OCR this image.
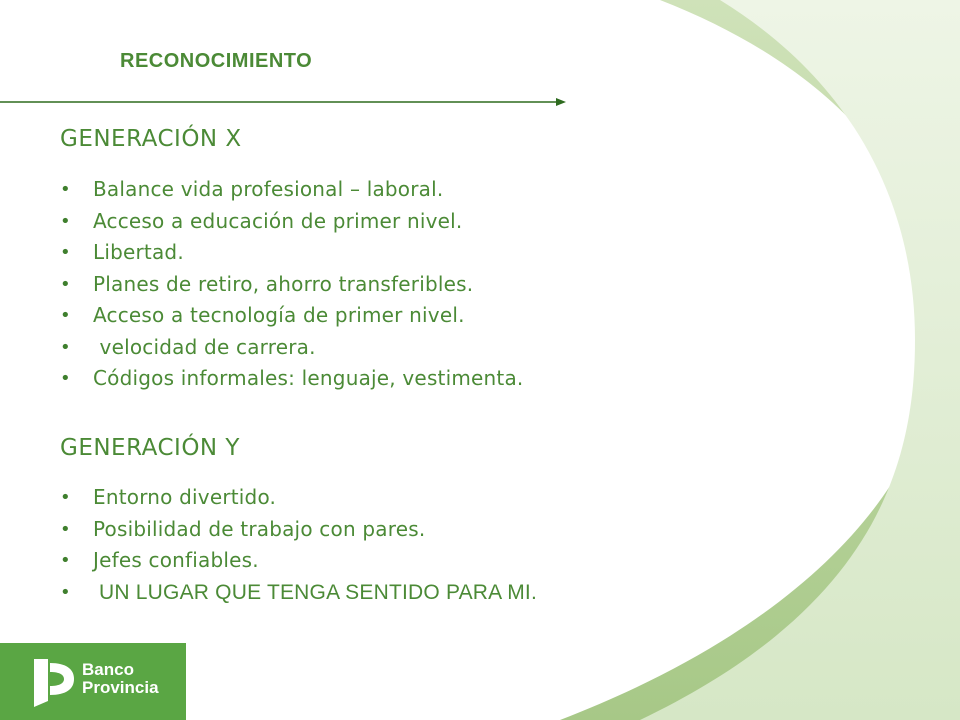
RECONOCIMIENTO
GENERACIÓN X
• Balance vida profesional – laboral.
• Acceso a educación de primer nivel.
• Libertad.
• Planes de retiro, ahorro transferibles.
• Acceso a tecnología de primer nivel.
• velocidad de carrera.
• Códigos informales: lenguaje, vestimenta.
GENERACIÓN Y
• Entorno divertido.
• Posibilidad de trabajo con pares.
• Jefes confiables.
• UN LUGAR QUE TENGA SENTIDO PARA MI.
Banco
Provincia
